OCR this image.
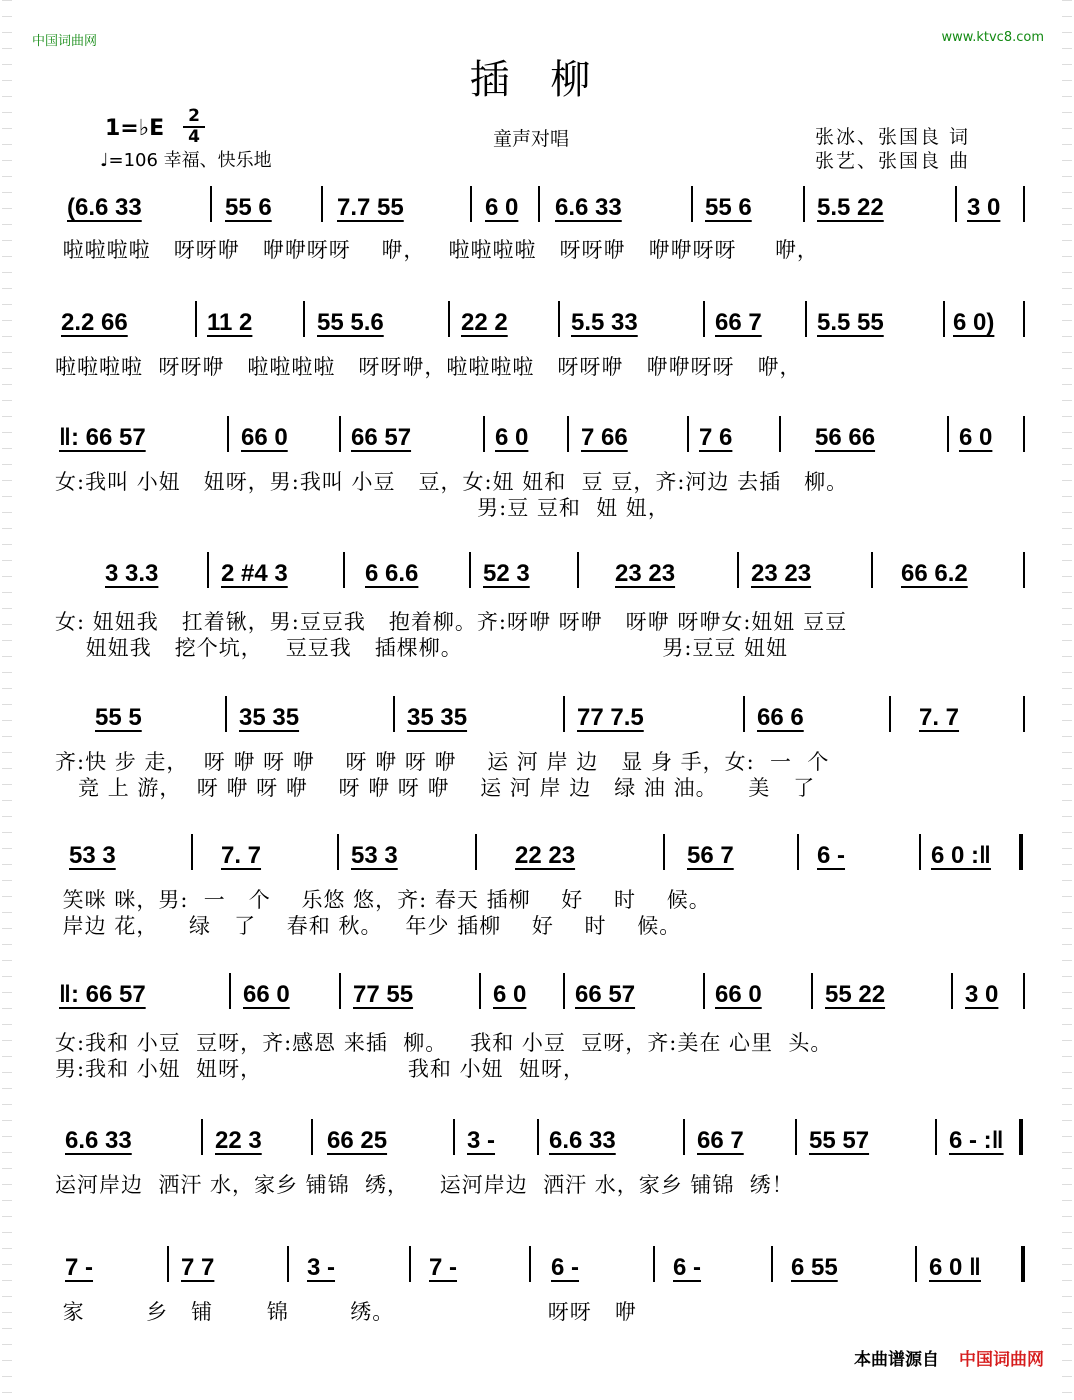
中国词曲网	www.ktvc8.com
插 柳
1=♭E 2
4
♩=106 幸福、快乐地
童声对唱	张冰、张国良 词
张艺、张国良 曲
(6.6 33	55 6	7.7 55	6 0 6.6 33	55 6	5.5 22	3 0
啦啦啦啦   呀呀咿   咿咿呀呀    咿，   啦啦啦啦   呀呀咿   咿咿呀呀     咿，
2.2 66	11 2	55 5.6	22 2	5.5 33	66 7 5.5 55	6 0)
啦啦啦啦  呀呀咿   啦啦啦啦   呀呀咿，啦啦啦啦   呀呀咿   咿咿呀呀   咿，
‖: 66 57	66 0	66 57	6 0 7 66	7 6	56 66	6 0
女:我叫 小妞   妞呀，男:我叫 小豆   豆，女:妞 妞和  豆 豆，齐:河边 去插   柳。
男:豆 豆和  妞 妞，
3 3.3	2 #4 3	6 6.6	52 3	23 23	23 23	66 6.2
女: 妞妞我   扛着锹，男:豆豆我   抱着柳。齐:呀咿 呀咿   呀咿 呀咿女:妞妞 豆豆
妞妞我   挖个坑，   豆豆我   插棵柳。                          男:豆豆 妞妞
55 5	35 35	35 35	77 7.5	66 6	7. 7
齐:快 步 走，  呀 咿 呀 咿    呀 咿 呀 咿    运 河 岸 边   显 身 手，女:  一  个
竞 上 游，  呀 咿 呀 咿    呀 咿 呀 咿    运 河 岸 边   绿 油 油。    美   了
53 3	7. 7	53 3	22 23	56 7	6 -	6 0 :‖
笑咪 咪，男:  一   个    乐悠 悠，齐: 春天 插柳    好    时    候。
岸边 花，    绿   了    春和 秋。   年少 插柳    好    时    候。
‖: 66 57	66 0	77 55	6 0 66 57	66 0	55 22	3 0
女:我和 小豆  豆呀，齐:感恩 来插  柳。   我和 小豆  豆呀，齐:美在 心里  头。
男:我和 小妞  妞呀，                   我和 小妞  妞呀，
6.6 33	22 3	66 25	3 - 6.6 33	66 7	55 57	6 - :‖
运河岸边  洒汗 水，家乡 铺锦  绣，    运河岸边  洒汗 水，家乡 铺锦  绣！
7 -	7 7	3 -	7 -	6 -	6 -	6 55	6 0 ‖
家        乡   铺       锦        绣。                    呀呀   咿
本曲谱源自 中国词曲网
